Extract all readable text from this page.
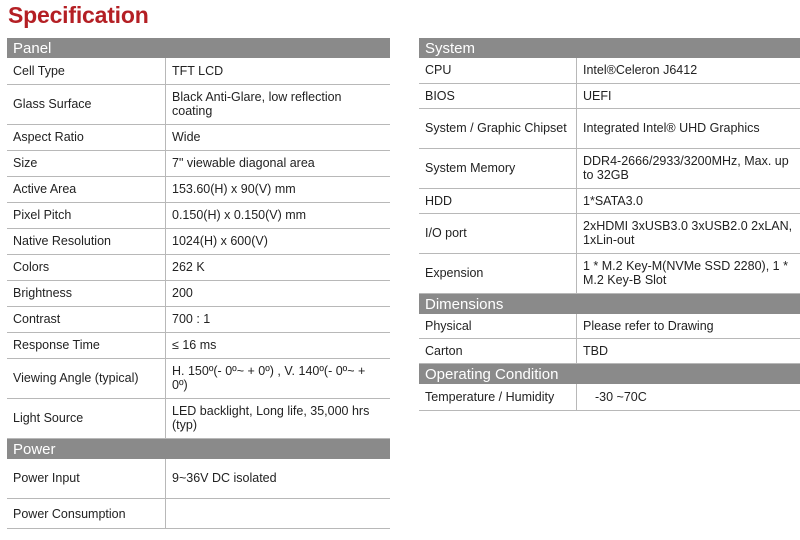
Specification
Panel
Cell Type	TFT LCD
Glass Surface	Black Anti-Glare, low reflection coating
Aspect Ratio	Wide
Size	7" viewable diagonal area
Active Area	153.60(H) x 90(V) mm
Pixel Pitch	0.150(H) x 0.150(V) mm
Native Resolution	1024(H) x 600(V)
Colors	262 K
Brightness	200
Contrast	700 : 1
Response Time	≤ 16 ms
Viewing Angle (typical)	H. 150º(- 0º~ + 0º) , V. 140º(- 0º~ + 0º)
Light Source	LED backlight, Long life, 35,000 hrs (typ)
Power
Power Input	9~36V DC isolated
Power Consumption	
System
CPU	Intel®Celeron J6412
BIOS	UEFI
System / Graphic Chipset	Integrated Intel® UHD Graphics
System Memory	DDR4-2666/2933/3200MHz, Max. up to 32GB
HDD	1*SATA3.0
I/O port	2xHDMI 3xUSB3.0 3xUSB2.0 2xLAN, 1xLin-out
Expension	1 * M.2 Key-M(NVMe SSD 2280), 1 * M.2 Key-B Slot
Dimensions
Physical	Please refer to Drawing
Carton	TBD
Operating Condition
Temperature / Humidity	-30 ~70C
